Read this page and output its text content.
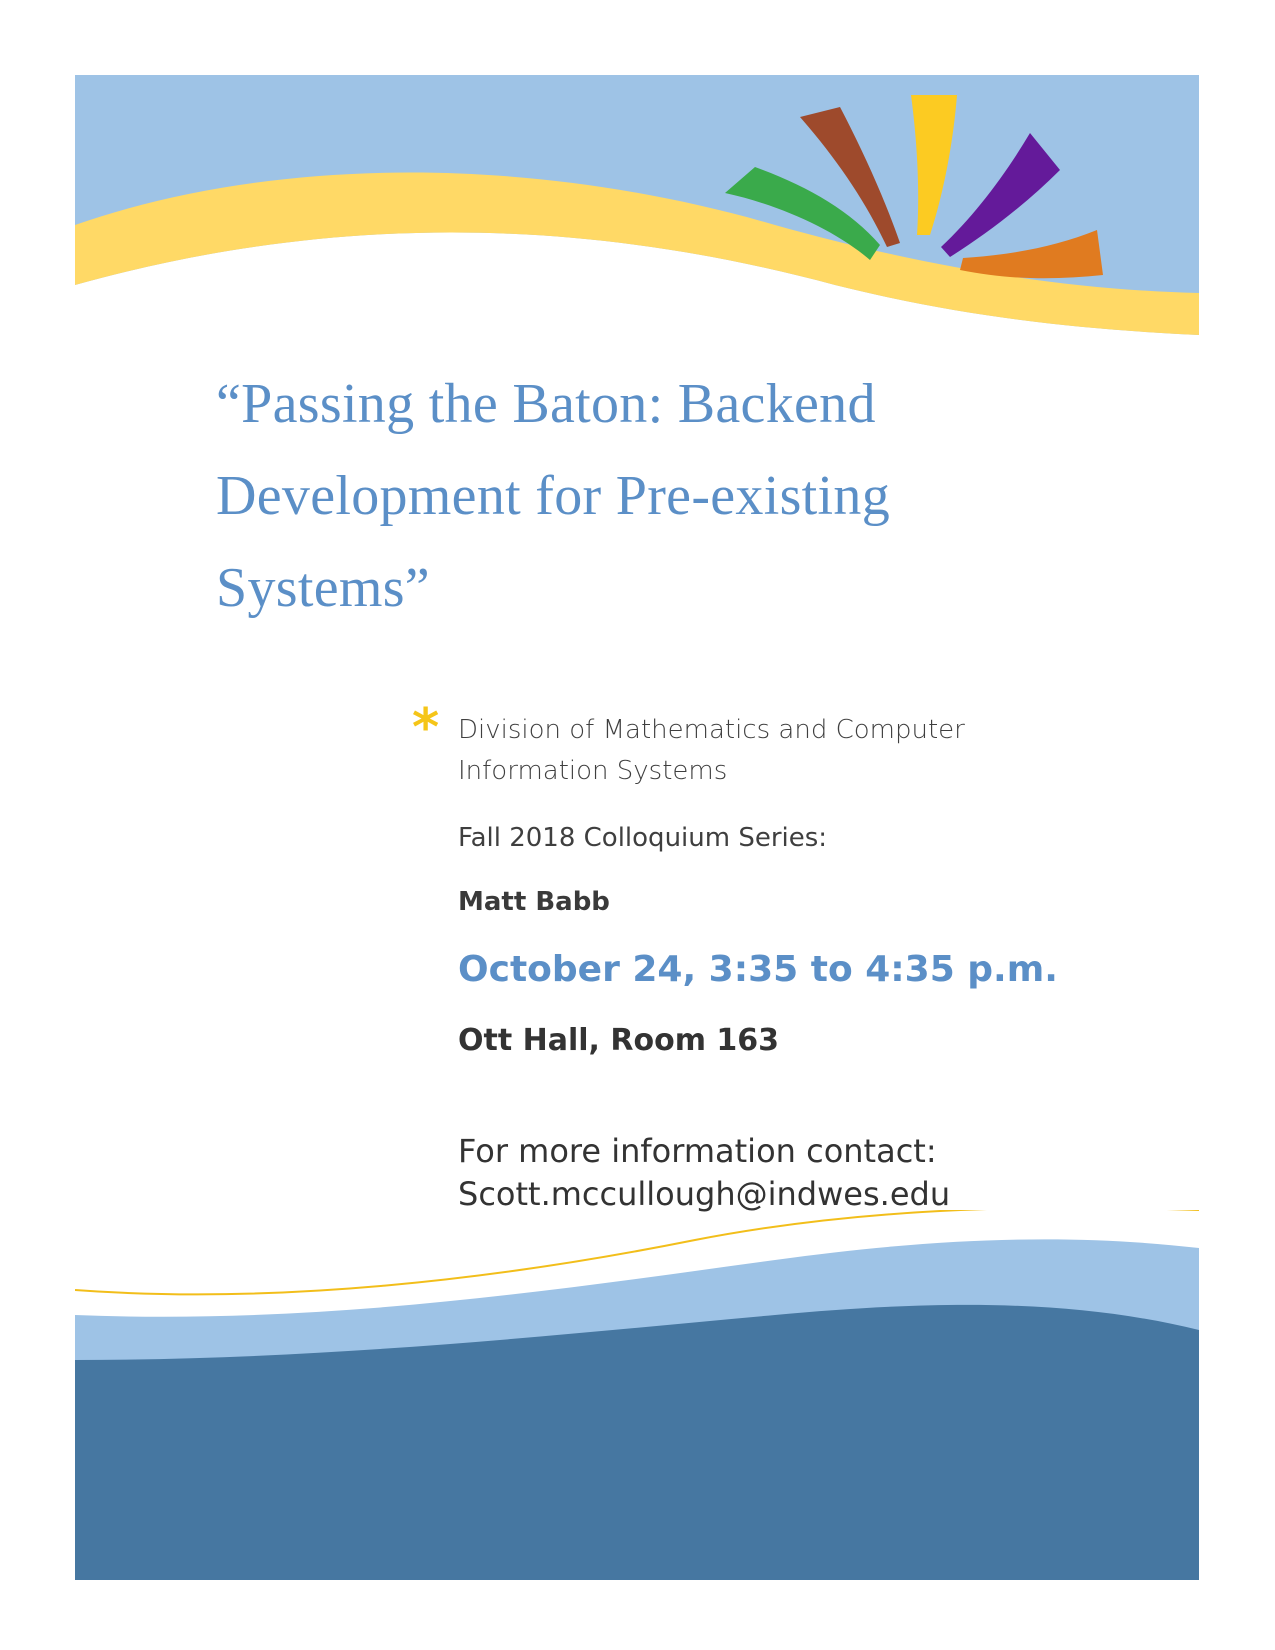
“Passing the Baton: Backend Development for Pre-existing Systems”
* Division of Mathematics and Computer Information Systems
Fall 2018 Colloquium Series:
Matt Babb
October 24, 3:35 to 4:35 p.m.
Ott Hall, Room 163
For more information contact:
Scott.mccullough@indwes.edu
